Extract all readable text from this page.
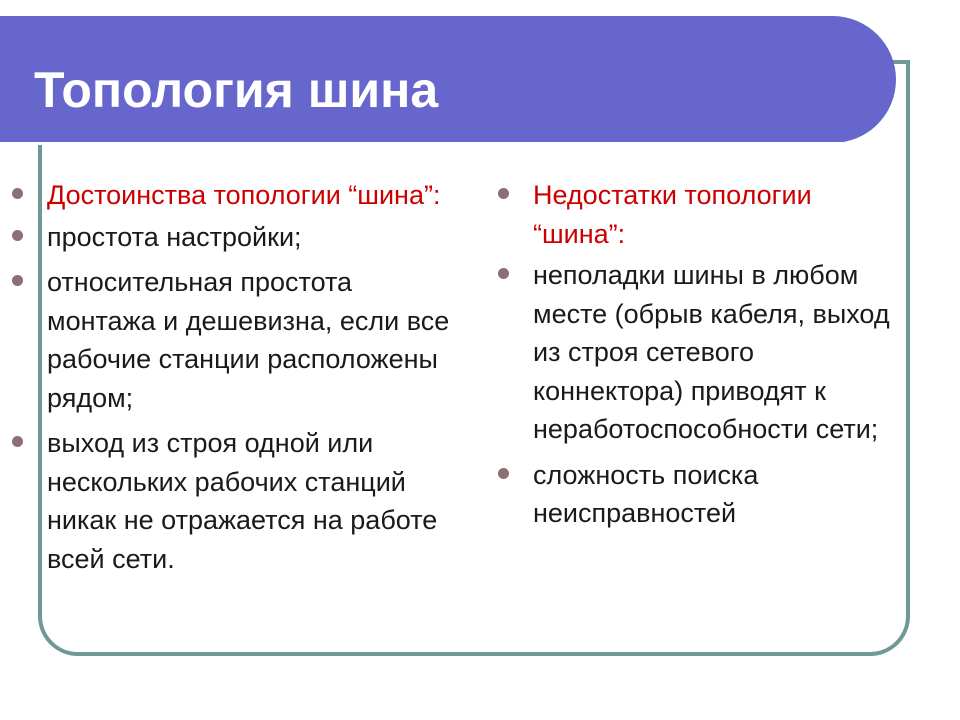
Топология шина
Достоинства топологии “шина”:
простота настройки;
относительная простота монтажа и дешевизна, если все рабочие станции расположены рядом;
выход из строя одной или нескольких рабочих станций никак не отражается на работе всей сети.
Недостатки топологии “шина”:
неполадки шины в любом месте (обрыв кабеля, выход из строя сетевого коннектора) приводят к неработоспособности сети;
сложность поиска неисправностей
